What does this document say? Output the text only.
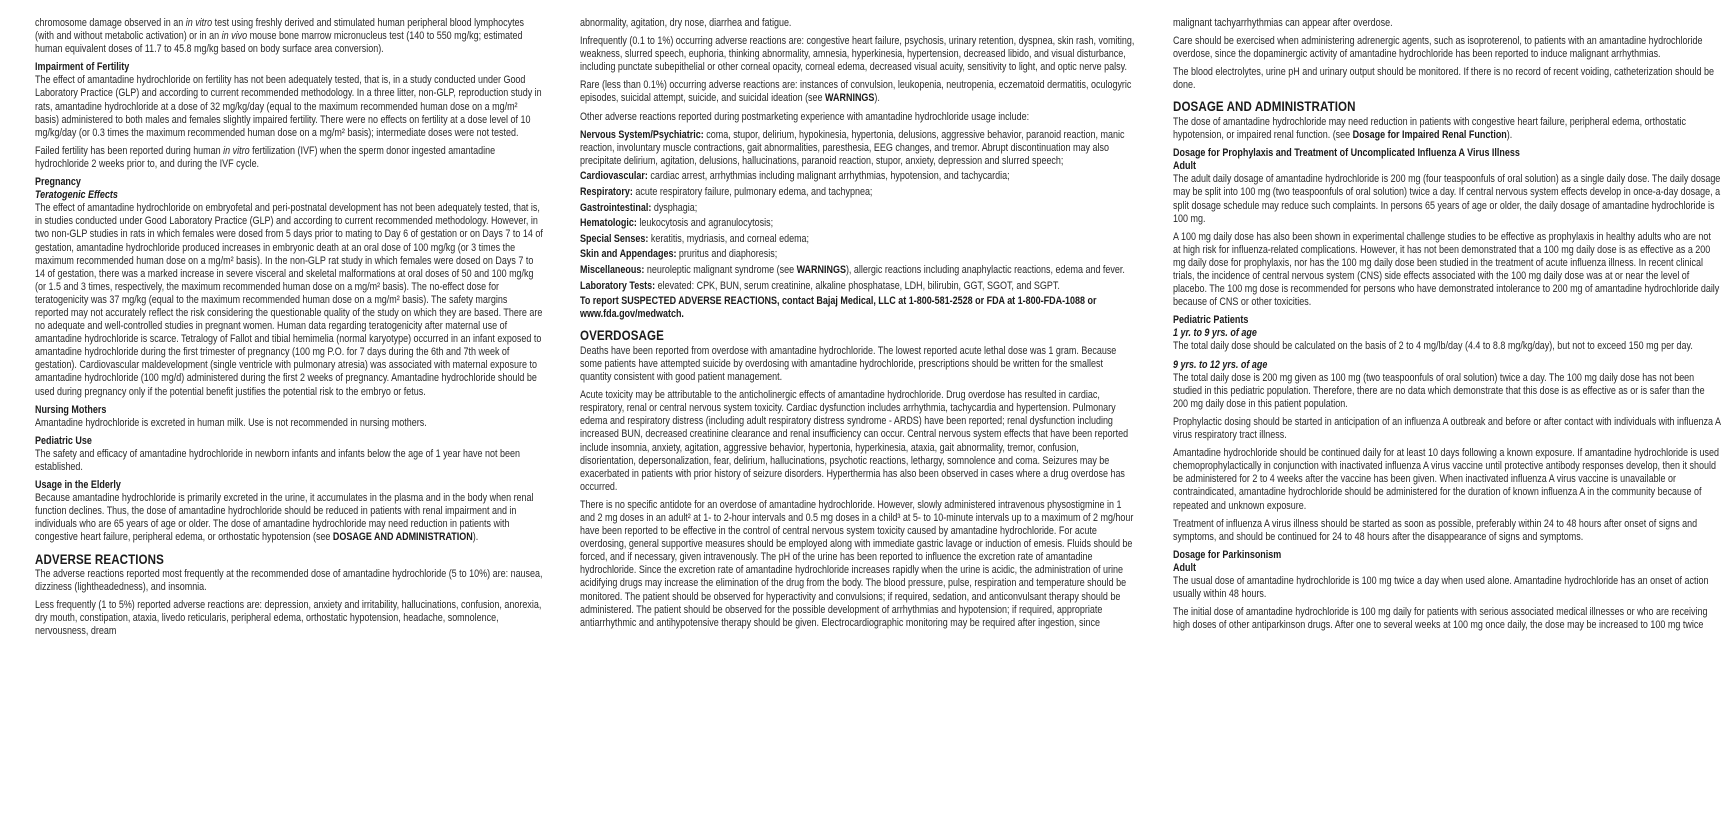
chromosome damage observed in an in vitro test using freshly derived and stimulated human peripheral blood lymphocytes (with and without metabolic activation) or in an in vivo mouse bone marrow micronucleus test (140 to 550 mg/kg; estimated human equivalent doses of 11.7 to 45.8 mg/kg based on body surface area conversion).
Impairment of Fertility
The effect of amantadine hydrochloride on fertility has not been adequately tested, that is, in a study conducted under Good Laboratory Practice (GLP) and according to current recommended methodology. In a three litter, non-GLP, reproduction study in rats, amantadine hydrochloride at a dose of 32 mg/kg/day (equal to the maximum recommended human dose on a mg/m² basis) administered to both males and females slightly impaired fertility. There were no effects on fertility at a dose level of 10 mg/kg/day (or 0.3 times the maximum recommended human dose on a mg/m² basis); intermediate doses were not tested.
Failed fertility has been reported during human in vitro fertilization (IVF) when the sperm donor ingested amantadine hydrochloride 2 weeks prior to, and during the IVF cycle.
Pregnancy
Teratogenic Effects
The effect of amantadine hydrochloride on embryofetal and peri-postnatal development has not been adequately tested, that is, in studies conducted under Good Laboratory Practice (GLP) and according to current recommended methodology. However, in two non-GLP studies in rats in which females were dosed from 5 days prior to mating to Day 6 of gestation or on Days 7 to 14 of gestation, amantadine hydrochloride produced increases in embryonic death at an oral dose of 100 mg/kg (or 3 times the maximum recommended human dose on a mg/m² basis). In the non-GLP rat study in which females were dosed on Days 7 to 14 of gestation, there was a marked increase in severe visceral and skeletal malformations at oral doses of 50 and 100 mg/kg (or 1.5 and 3 times, respectively, the maximum recommended human dose on a mg/m² basis). The no-effect dose for teratogenicity was 37 mg/kg (equal to the maximum recommended human dose on a mg/m² basis). The safety margins reported may not accurately reflect the risk considering the questionable quality of the study on which they are based. There are no adequate and well-controlled studies in pregnant women. Human data regarding teratogenicity after maternal use of amantadine hydrochloride is scarce. Tetralogy of Fallot and tibial hemimelia (normal karyotype) occurred in an infant exposed to amantadine hydrochloride during the first trimester of pregnancy (100 mg P.O. for 7 days during the 6th and 7th week of gestation). Cardiovascular maldevelopment (single ventricle with pulmonary atresia) was associated with maternal exposure to amantadine hydrochloride (100 mg/d) administered during the first 2 weeks of pregnancy. Amantadine hydrochloride should be used during pregnancy only if the potential benefit justifies the potential risk to the embryo or fetus.
Nursing Mothers
Amantadine hydrochloride is excreted in human milk. Use is not recommended in nursing mothers.
Pediatric Use
The safety and efficacy of amantadine hydrochloride in newborn infants and infants below the age of 1 year have not been established.
Usage in the Elderly
Because amantadine hydrochloride is primarily excreted in the urine, it accumulates in the plasma and in the body when renal function declines. Thus, the dose of amantadine hydrochloride should be reduced in patients with renal impairment and in individuals who are 65 years of age or older. The dose of amantadine hydrochloride may need reduction in patients with congestive heart failure, peripheral edema, or orthostatic hypotension (see DOSAGE AND ADMINISTRATION).
ADVERSE REACTIONS
The adverse reactions reported most frequently at the recommended dose of amantadine hydrochloride (5 to 10%) are: nausea, dizziness (lightheadedness), and insomnia.
Less frequently (1 to 5%) reported adverse reactions are: depression, anxiety and irritability, hallucinations, confusion, anorexia, dry mouth, constipation, ataxia, livedo reticularis, peripheral edema, orthostatic hypotension, headache, somnolence, nervousness, dream
abnormality, agitation, dry nose, diarrhea and fatigue.
Infrequently (0.1 to 1%) occurring adverse reactions are: congestive heart failure, psychosis, urinary retention, dyspnea, skin rash, vomiting, weakness, slurred speech, euphoria, thinking abnormality, amnesia, hyperkinesia, hypertension, decreased libido, and visual disturbance, including punctate subepithelial or other corneal opacity, corneal edema, decreased visual acuity, sensitivity to light, and optic nerve palsy.
Rare (less than 0.1%) occurring adverse reactions are: instances of convulsion, leukopenia, neutropenia, eczematoid dermatitis, oculogyric episodes, suicidal attempt, suicide, and suicidal ideation (see WARNINGS).
Other adverse reactions reported during postmarketing experience with amantadine hydrochloride usage include:
Nervous System/Psychiatric: coma, stupor, delirium, hypokinesia, hypertonia, delusions, aggressive behavior, paranoid reaction, manic reaction, involuntary muscle contractions, gait abnormalities, paresthesia, EEG changes, and tremor. Abrupt discontinuation may also precipitate delirium, agitation, delusions, hallucinations, paranoid reaction, stupor, anxiety, depression and slurred speech;
Cardiovascular: cardiac arrest, arrhythmias including malignant arrhythmias, hypotension, and tachycardia;
Respiratory: acute respiratory failure, pulmonary edema, and tachypnea;
Gastrointestinal: dysphagia;
Hematologic: leukocytosis and agranulocytosis;
Special Senses: keratitis, mydriasis, and corneal edema;
Skin and Appendages: pruritus and diaphoresis;
Miscellaneous: neuroleptic malignant syndrome (see WARNINGS), allergic reactions including anaphylactic reactions, edema and fever.
Laboratory Tests: elevated: CPK, BUN, serum creatinine, alkaline phosphatase, LDH, bilirubin, GGT, SGOT, and SGPT.
To report SUSPECTED ADVERSE REACTIONS, contact Bajaj Medical, LLC at 1-800-581-2528 or FDA at 1-800-FDA-1088 or www.fda.gov/medwatch.
OVERDOSAGE
Deaths have been reported from overdose with amantadine hydrochloride. The lowest reported acute lethal dose was 1 gram. Because some patients have attempted suicide by overdosing with amantadine hydrochloride, prescriptions should be written for the smallest quantity consistent with good patient management.
Acute toxicity may be attributable to the anticholinergic effects of amantadine hydrochloride. Drug overdose has resulted in cardiac, respiratory, renal or central nervous system toxicity. Cardiac dysfunction includes arrhythmia, tachycardia and hypertension. Pulmonary edema and respiratory distress (including adult respiratory distress syndrome - ARDS) have been reported; renal dysfunction including increased BUN, decreased creatinine clearance and renal insufficiency can occur. Central nervous system effects that have been reported include insomnia, anxiety, agitation, aggressive behavior, hypertonia, hyperkinesia, ataxia, gait abnormality, tremor, confusion, disorientation, depersonalization, fear, delirium, hallucinations, psychotic reactions, lethargy, somnolence and coma. Seizures may be exacerbated in patients with prior history of seizure disorders. Hyperthermia has also been observed in cases where a drug overdose has occurred.
There is no specific antidote for an overdose of amantadine hydrochloride. However, slowly administered intravenous physostigmine in 1 and 2 mg doses in an adult² at 1- to 2-hour intervals and 0.5 mg doses in a child³ at 5- to 10-minute intervals up to a maximum of 2 mg/hour have been reported to be effective in the control of central nervous system toxicity caused by amantadine hydrochloride. For acute overdosing, general supportive measures should be employed along with immediate gastric lavage or induction of emesis. Fluids should be forced, and if necessary, given intravenously. The pH of the urine has been reported to influence the excretion rate of amantadine hydrochloride. Since the excretion rate of amantadine hydrochloride increases rapidly when the urine is acidic, the administration of urine acidifying drugs may increase the elimination of the drug from the body. The blood pressure, pulse, respiration and temperature should be monitored. The patient should be observed for hyperactivity and convulsions; if required, sedation, and anticonvulsant therapy should be administered. The patient should be observed for the possible development of arrhythmias and hypotension; if required, appropriate antiarrhythmic and antihypotensive therapy should be given. Electrocardiographic monitoring may be required after ingestion, since
malignant tachyarrhythmias can appear after overdose.
Care should be exercised when administering adrenergic agents, such as isoproterenol, to patients with an amantadine hydrochloride overdose, since the dopaminergic activity of amantadine hydrochloride has been reported to induce malignant arrhythmias.
The blood electrolytes, urine pH and urinary output should be monitored. If there is no record of recent voiding, catheterization should be done.
DOSAGE AND ADMINISTRATION
The dose of amantadine hydrochloride may need reduction in patients with congestive heart failure, peripheral edema, orthostatic hypotension, or impaired renal function. (see Dosage for Impaired Renal Function).
Dosage for Prophylaxis and Treatment of Uncomplicated Influenza A Virus Illness
Adult
The adult daily dosage of amantadine hydrochloride is 200 mg (four teaspoonfuls of oral solution) as a single daily dose. The daily dosage may be split into 100 mg (two teaspoonfuls of oral solution) twice a day. If central nervous system effects develop in once-a-day dosage, a split dosage schedule may reduce such complaints. In persons 65 years of age or older, the daily dosage of amantadine hydrochloride is 100 mg.
A 100 mg daily dose has also been shown in experimental challenge studies to be effective as prophylaxis in healthy adults who are not at high risk for influenza-related complications. However, it has not been demonstrated that a 100 mg daily dose is as effective as a 200 mg daily dose for prophylaxis, nor has the 100 mg daily dose been studied in the treatment of acute influenza illness. In recent clinical trials, the incidence of central nervous system (CNS) side effects associated with the 100 mg daily dose was at or near the level of placebo. The 100 mg dose is recommended for persons who have demonstrated intolerance to 200 mg of amantadine hydrochloride daily because of CNS or other toxicities.
Pediatric Patients
1 yr. to 9 yrs. of age
The total daily dose should be calculated on the basis of 2 to 4 mg/lb/day (4.4 to 8.8 mg/kg/day), but not to exceed 150 mg per day.
9 yrs. to 12 yrs. of age
The total daily dose is 200 mg given as 100 mg (two teaspoonfuls of oral solution) twice a day. The 100 mg daily dose has not been studied in this pediatric population. Therefore, there are no data which demonstrate that this dose is as effective as or is safer than the 200 mg daily dose in this patient population.
Prophylactic dosing should be started in anticipation of an influenza A outbreak and before or after contact with individuals with influenza A virus respiratory tract illness.
Amantadine hydrochloride should be continued daily for at least 10 days following a known exposure. If amantadine hydrochloride is used chemoprophylactically in conjunction with inactivated influenza A virus vaccine until protective antibody responses develop, then it should be administered for 2 to 4 weeks after the vaccine has been given. When inactivated influenza A virus vaccine is unavailable or contraindicated, amantadine hydrochloride should be administered for the duration of known influenza A in the community because of repeated and unknown exposure.
Treatment of influenza A virus illness should be started as soon as possible, preferably within 24 to 48 hours after onset of signs and symptoms, and should be continued for 24 to 48 hours after the disappearance of signs and symptoms.
Dosage for Parkinsonism
Adult
The usual dose of amantadine hydrochloride is 100 mg twice a day when used alone. Amantadine hydrochloride has an onset of action usually within 48 hours.
The initial dose of amantadine hydrochloride is 100 mg daily for patients with serious associated medical illnesses or who are receiving high doses of other antiparkinson drugs. After one to several weeks at 100 mg once daily, the dose may be increased to 100 mg twice
